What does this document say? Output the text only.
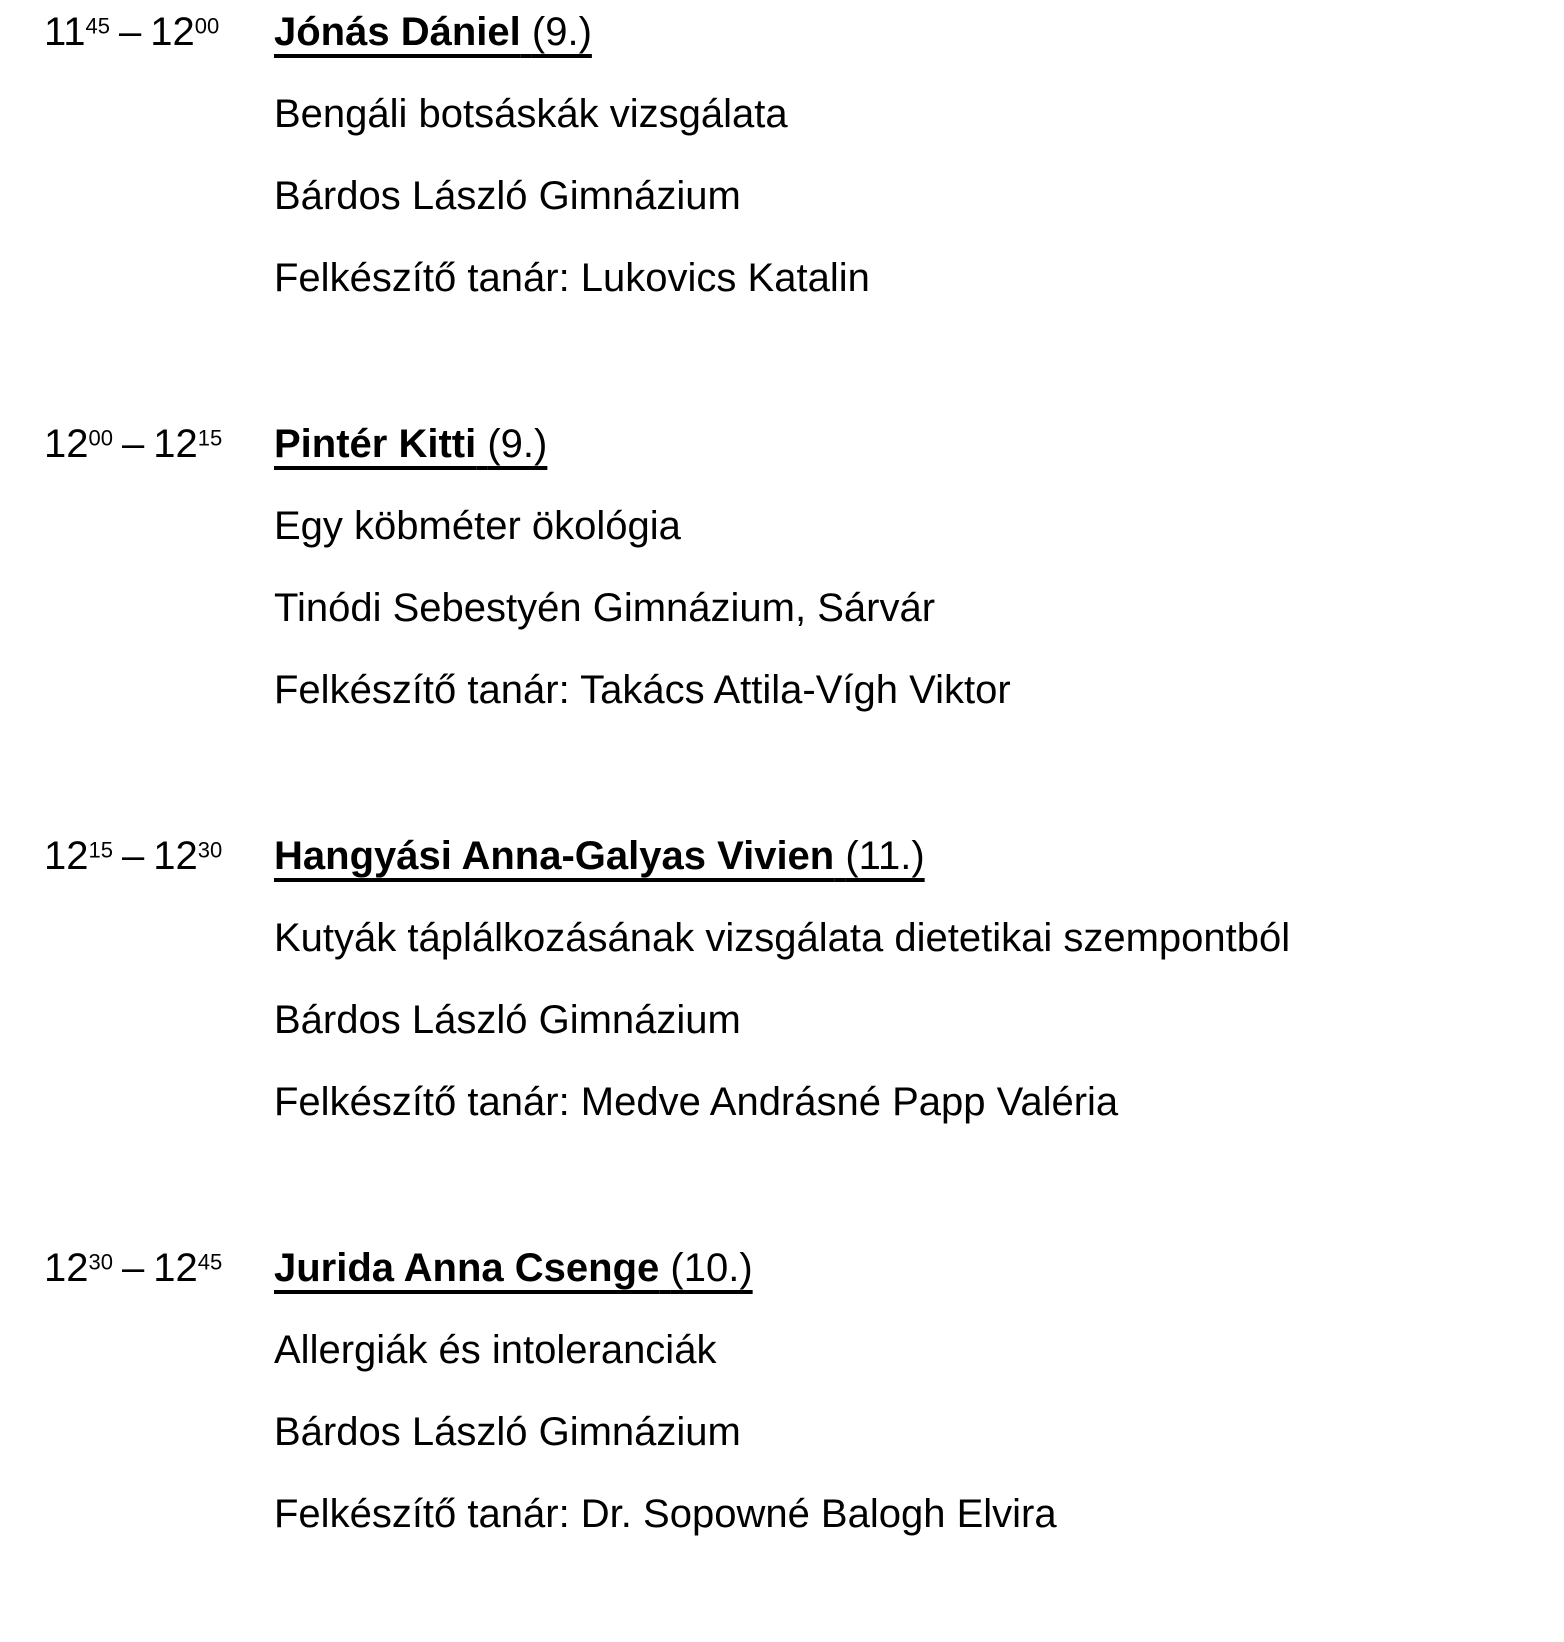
$11^{45} - 12^{00}$	Jónás Dániel (9.)
Bengáli botsáskák vizsgálata
Bárdos László Gimnázium
Felkészítő tanár: Lukovics Katalin
$12^{00} - 12^{15}$	Pintér Kitti (9.)
Egy köbméter ökológia
Tinódi Sebestyén Gimnázium, Sárvár
Felkészítő tanár: Takács Attila-Vígh Viktor
$12^{15} - 12^{30}$	Hangyási Anna-Galyas Vivien (11.)
Kutyák táplálkozásának vizsgálata dietetikai szempontból
Bárdos László Gimnázium
Felkészítő tanár: Medve Andrásné Papp Valéria
$12^{30} - 12^{45}$	Jurida Anna Csenge (10.)
Allergiák és intoleranciák
Bárdos László Gimnázium
Felkészítő tanár: Dr. Sopowné Balogh Elvira
